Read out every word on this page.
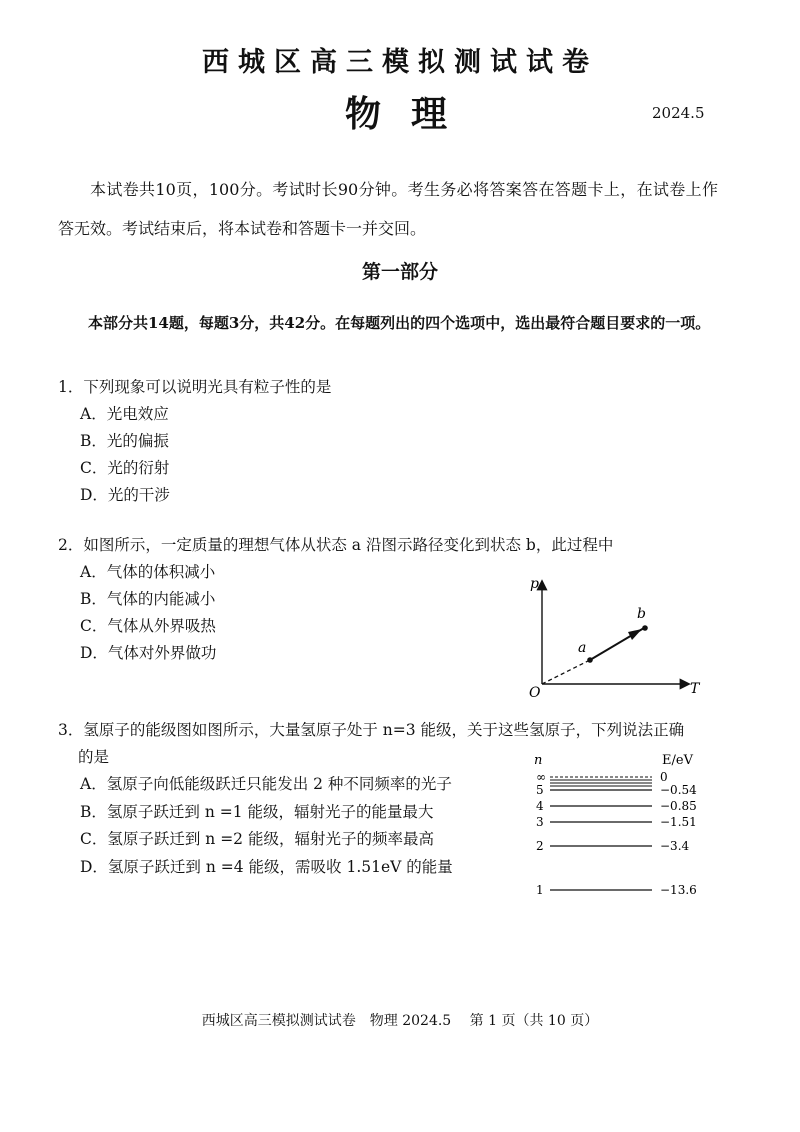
西城区高三模拟测试试卷
物理	2024.5
本试卷共10页，100分。考试时长90分钟。考生务必将答案答在答题卡上，在试卷上作答无效。考试结束后，将本试卷和答题卡一并交回。
第一部分
本部分共14题，每题3分，共42分。在每题列出的四个选项中，选出最符合题目要求的一项。
1．下列现象可以说明光具有粒子性的是
A．光电效应
B．光的偏振
C．光的衍射
D．光的干涉
2．如图所示，一定质量的理想气体从状态 a 沿图示路径变化到状态 b，此过程中
A．气体的体积减小
B．气体的内能减小
C．气体从外界吸热
D．气体对外界做功
p
T
O
a
b
3．氢原子的能级图如图所示，大量氢原子处于 n=3 能级，关于这些氢原子，下列说法正确
的是
A．氢原子向低能级跃迁只能发出 2 种不同频率的光子
B．氢原子跃迁到 n =1 能级，辐射光子的能量最大
C．氢原子跃迁到 n =2 能级，辐射光子的频率最高
D．氢原子跃迁到 n =4 能级，需吸收 1.51eV 的能量
n	E/eV
∞	0
5	−0.54
4	−0.85
3	−1.51
2	−3.4
1	−13.6
西城区高三模拟测试试卷　物理 2024.5　 第 1 页（共 10 页）
